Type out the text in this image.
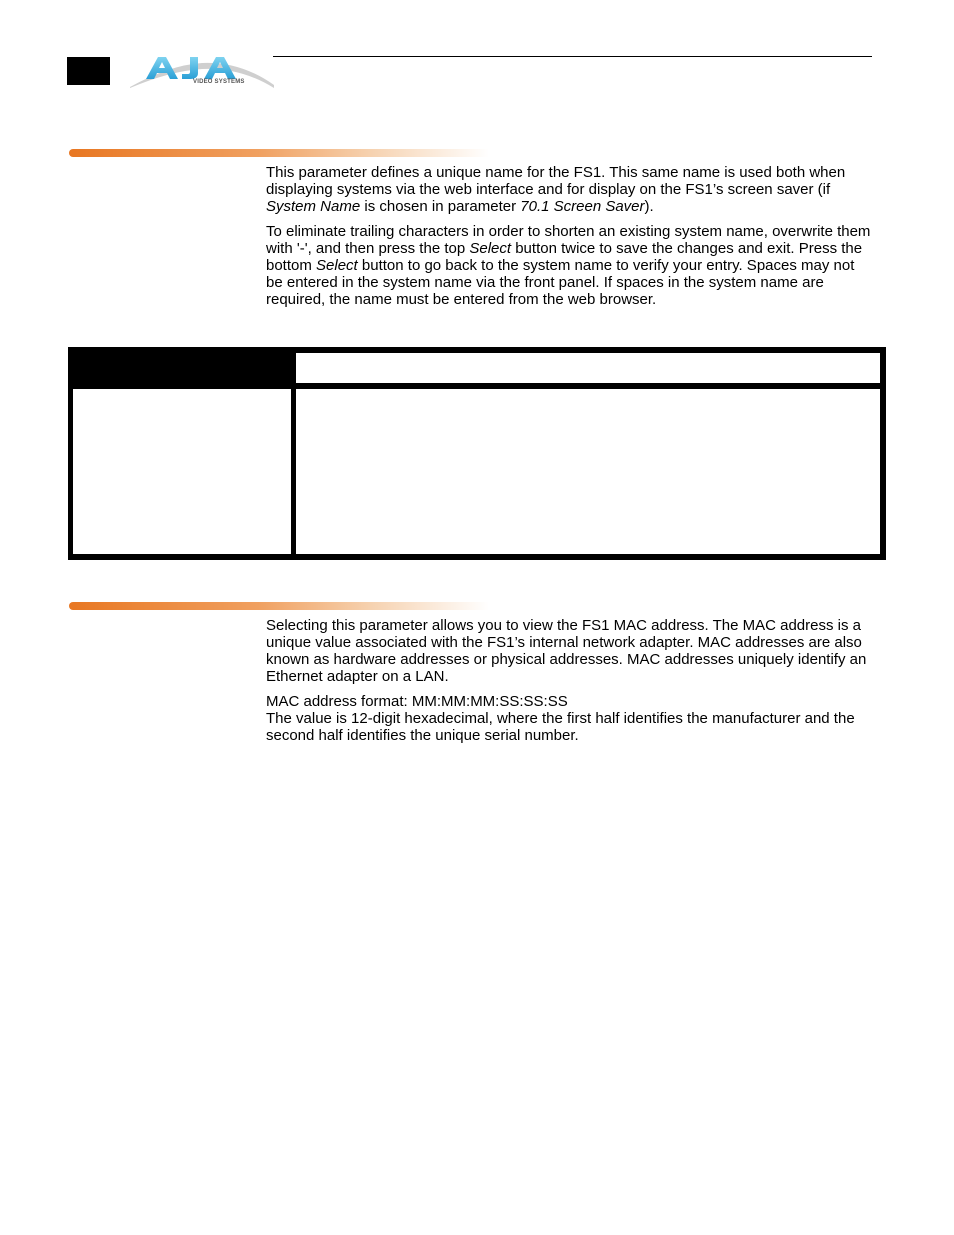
VIDEO SYSTEMS

This parameter defines a unique name for the FS1. This same name is used both when displaying systems via the web interface and for display on the FS1’s screen saver (if System Name is chosen in parameter 70.1 Screen Saver).

To eliminate trailing characters in order to shorten an existing system name, overwrite them with '-', and then press the top Select button twice to save the changes and exit. Press the bottom Select button to go back to the system name to verify your entry. Spaces may not be entered in the system name via the front panel. If spaces in the system name are required, the name must be entered from the web browser.

Selecting this parameter allows you to view the FS1 MAC address. The MAC address is a unique value associated with the FS1’s internal network adapter. MAC addresses are also known as hardware addresses or physical addresses. MAC addresses uniquely identify an Ethernet adapter on a LAN.

MAC address format: MM:MM:MM:SS:SS:SS

The value is 12-digit hexadecimal, where the first half identifies the manufacturer and the second half identifies the unique serial number.
